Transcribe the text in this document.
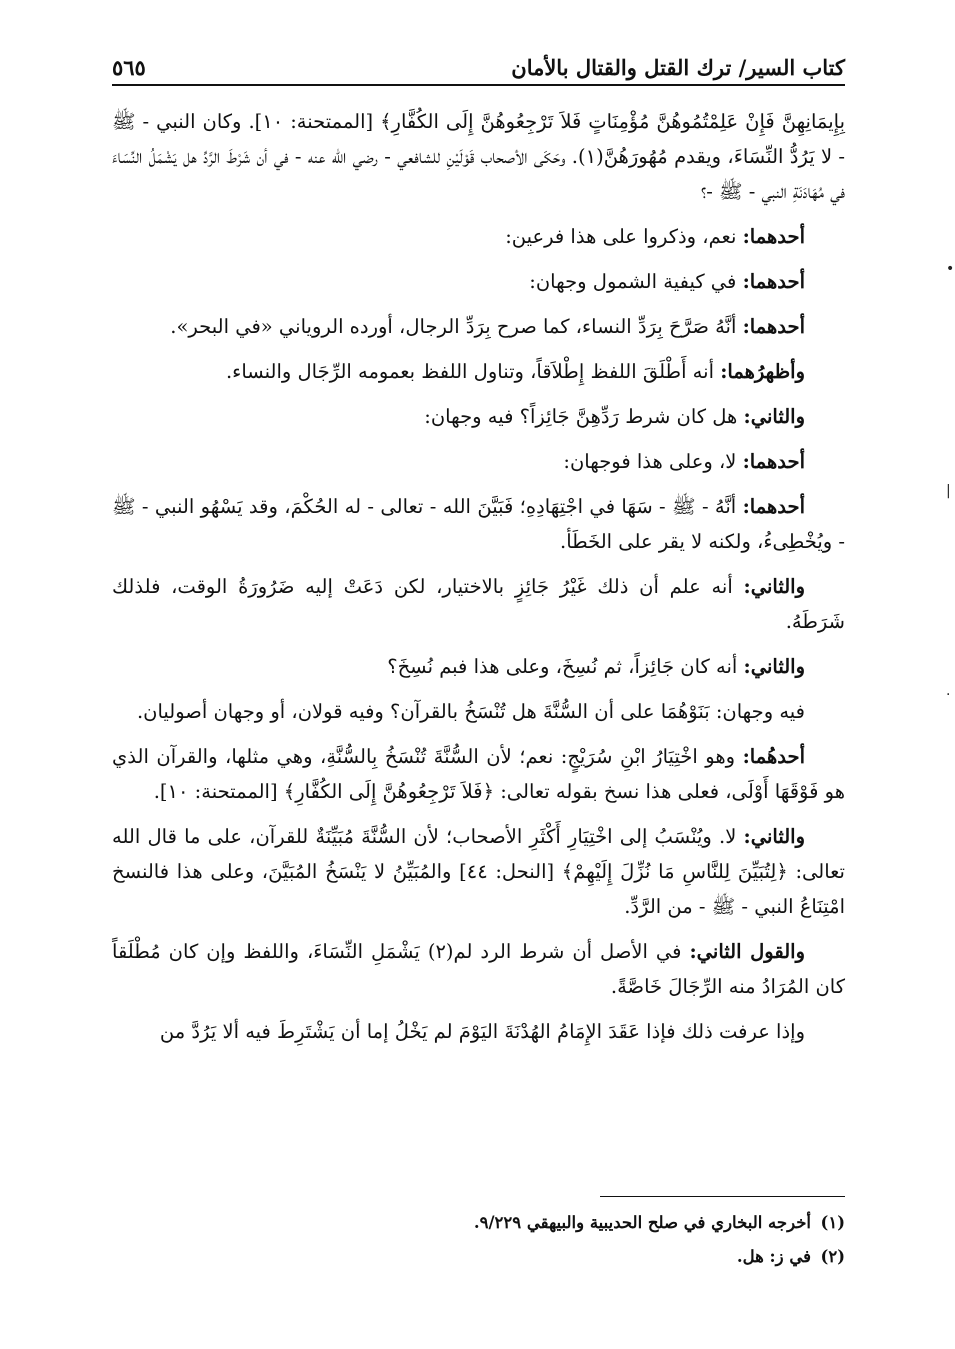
كتاب السير/ ترك القتل والقتال بالأمان
٥٦٥

بِإِيمَانِهِنَّ فَإِنْ عَلِمْتُمُوهُنَّ مُؤْمِنَاتٍ فَلاَ تَرْجِعُوهُنَّ إِلَى الكُفَّارِ﴾ [الممتحنة: ١٠]. وكان النبي - ﷺ - لا يَرُدُّ النِّسَاءَ، ويقدم مُهُورَهُنَّ(١). وحَكَى الأصحاب قَوْلَيْنِ للشافعي - رضي الله عنه - في أن شَرْطَ الرَّدِّ هل يَشْمَلُ النِّسَاءَ في مُهَادَنَةِ النبي - ﷺ -؟

أحدهما: نعم، وذكروا على هذا فرعين:

أحدهما: في كيفية الشمول وجهان:

أحدهما: أنَّهُ صَرَّحَ بِرَدِّ النساء، كما صرح بِرَدِّ الرجال، أورده الروياني «في البحر».

وأظهرُهما: أنه أَطْلَقَ اللفظ إِطْلاَقاً، وتناول اللفظ بعمومه الرِّجَال والنساء.

والثاني: هل كان شرط رَدِّهِنَّ جَائِزاً؟ فيه وجهان:

أحدهما: لا، وعلى هذا فوجهان:

أحدهما: أنَّهُ - ﷺ - سَهَا في اجْتِهَادِهِ؛ فَبَيَّنَ الله - تعالى - له الحُكْمَ، وقد يَسْهُو النبي - ﷺ - ويُخْطِىءُ، ولكنه لا يقر على الخَطَأ.

والثاني: أنه علم أن ذلك غَيْرُ جَائِزٍ بالاختيار، لكن دَعَتْ إليه ضَرُورَةُ الوقت، فلذلك شَرَطَهُ.

والثاني: أنه كان جَائِزاً، ثم نُسِخَ، وعلى هذا فبم نُسِخَ؟

فيه وجهان: بَنَوْهُمَا على أن السُّنَّةَ هل تُنْسَخُ بالقرآن؟ وفيه قولان، أو وجهان أصوليان.

أحدهُما: وهو اخْتِيَارُ ابْنِ سُرَيْجٍ: نعم؛ لأن السُّنَّةَ تُنْسَخُ بِالسُّنَّةِ، وهي مثلها، والقرآن الذي هو فَوْقَهَا أَوْلَى، فعلى هذا نسخ بقوله تعالى: ﴿فَلاَ تَرْجِعُوهُنَّ إِلَى الكُفَّارِ﴾ [الممتحنة: ١٠].

والثاني: لا. ويُنْسَبُ إلى اخْتِيَارِ أَكْثَرِ الأصحاب؛ لأن السُّنَّةَ مُبَيِّنَةٌ للقرآن، على ما قال الله تعالى: ﴿لِتُبَيِّنَ لِلنَّاسِ مَا نُزِّلَ إِلَيْهِمْ﴾ [النحل: ٤٤] والمُبَيِّنُ لا يَنْسَخُ المُبَيَّنَ، وعلى هذا فالنسخ امْتِنَاعُ النبي - ﷺ - من الرَّدِّ.

والقول الثاني: في الأصل أن شرط الرد لم(٢) يَشْمَلِ النِّسَاءَ، واللفظ وإن كان مُطْلَقاً كان المُرَادُ منه الرِّجَالَ خَاصَّةً.

وإذا عرفت ذلك فإذا عَقَدَ الإِمَامُ الهُدْنَةَ اليَوْمَ لم يَخْلُ إما أن يَشْتَرِطَ فيه ألا يَرُدَّ من

(١)أخرجه البخاري في صلح الحديبية والبيهقي ٩/٢٢٩.

(٢)في ز: هل.

•
|
·
